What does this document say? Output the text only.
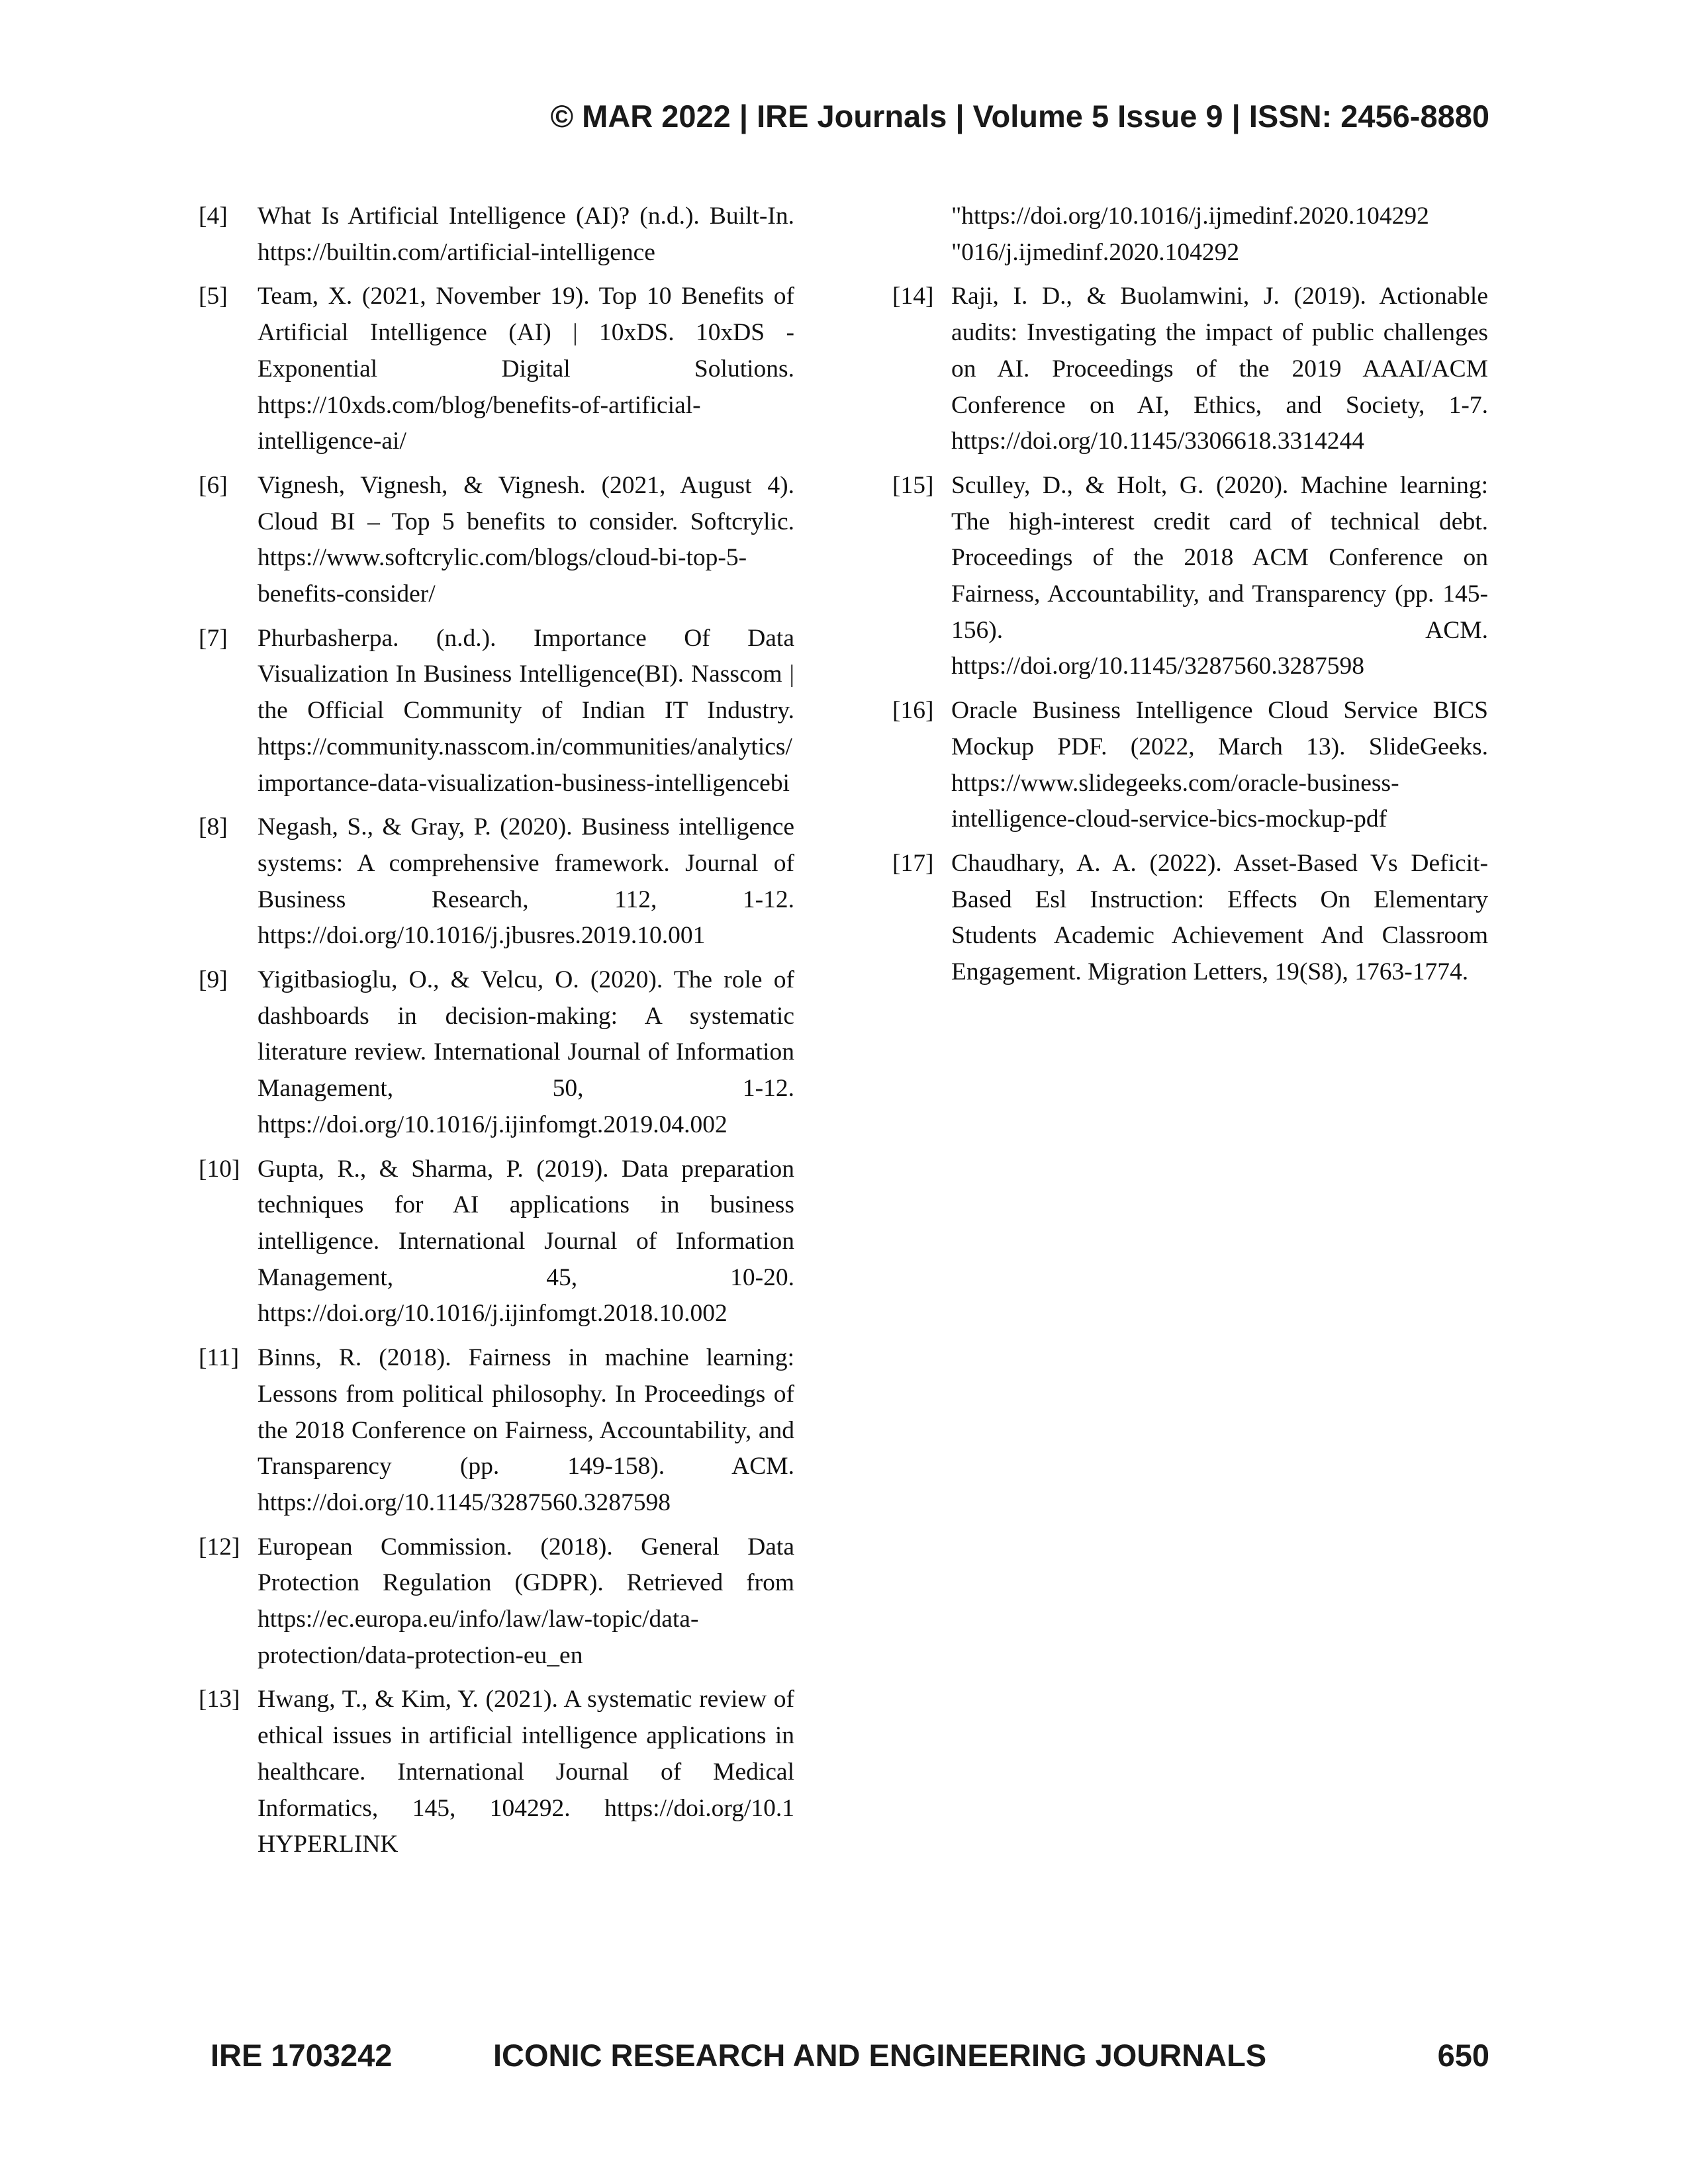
© MAR 2022 | IRE Journals | Volume 5 Issue 9 | ISSN: 2456-8880
[4]	What Is Artificial Intelligence (AI)? (n.d.). Built-In. https://builtin.com/artificial-intelligence
[5]	Team, X. (2021, November 19). Top 10 Benefits of Artificial Intelligence (AI) | 10xDS. 10xDS - Exponential Digital Solutions. https://10xds.com/blog/benefits-of-artificial-intelligence-ai/
[6]	Vignesh, Vignesh, & Vignesh. (2021, August 4). Cloud BI – Top 5 benefits to consider. Softcrylic. https://www.softcrylic.com/blogs/cloud-bi-top-5-benefits-consider/
[7]	Phurbasherpa. (n.d.). Importance Of Data Visualization In Business Intelligence(BI). Nasscom | the Official Community of Indian IT Industry. https://community.nasscom.in/communities/analytics/importance-data-visualization-business-intelligencebi
[8]	Negash, S., & Gray, P. (2020). Business intelligence systems: A comprehensive framework. Journal of Business Research, 112, 1-12. https://doi.org/10.1016/j.jbusres.2019.10.001
[9]	Yigitbasioglu, O., & Velcu, O. (2020). The role of dashboards in decision-making: A systematic literature review. International Journal of Information Management, 50, 1-12. https://doi.org/10.1016/j.ijinfomgt.2019.04.002
[10] Gupta, R., & Sharma, P. (2019). Data preparation techniques for AI applications in business intelligence. International Journal of Information Management, 45, 10-20. https://doi.org/10.1016/j.ijinfomgt.2018.10.002
[11] Binns, R. (2018). Fairness in machine learning: Lessons from political philosophy. In Proceedings of the 2018 Conference on Fairness, Accountability, and Transparency (pp. 149-158). ACM. https://doi.org/10.1145/3287560.3287598
[12] European Commission. (2018). General Data Protection Regulation (GDPR). Retrieved from https://ec.europa.eu/info/law/law-topic/data-protection/data-protection-eu_en
[13] Hwang, T., & Kim, Y. (2021). A systematic review of ethical issues in artificial intelligence applications in healthcare. International Journal of Medical Informatics, 145, 104292. https://doi.org/10.1 HYPERLINK
"https://doi.org/10.1016/j.ijmedinf.2020.104292 "016/j.ijmedinf.2020.104292
[14] Raji, I. D., & Buolamwini, J. (2019). Actionable audits: Investigating the impact of public challenges on AI. Proceedings of the 2019 AAAI/ACM Conference on AI, Ethics, and Society, 1-7. https://doi.org/10.1145/3306618.3314244
[15] Sculley, D., & Holt, G. (2020). Machine learning: The high-interest credit card of technical debt. Proceedings of the 2018 ACM Conference on Fairness, Accountability, and Transparency (pp. 145-156). ACM. https://doi.org/10.1145/3287560.3287598
[16] Oracle Business Intelligence Cloud Service BICS Mockup PDF. (2022, March 13). SlideGeeks. https://www.slidegeeks.com/oracle-business-intelligence-cloud-service-bics-mockup-pdf
[17] Chaudhary, A. A. (2022). Asset-Based Vs Deficit-Based Esl Instruction: Effects On Elementary Students Academic Achievement And Classroom Engagement. Migration Letters, 19(S8), 1763-1774.
IRE 1703242	ICONIC RESEARCH AND ENGINEERING JOURNALS	650
